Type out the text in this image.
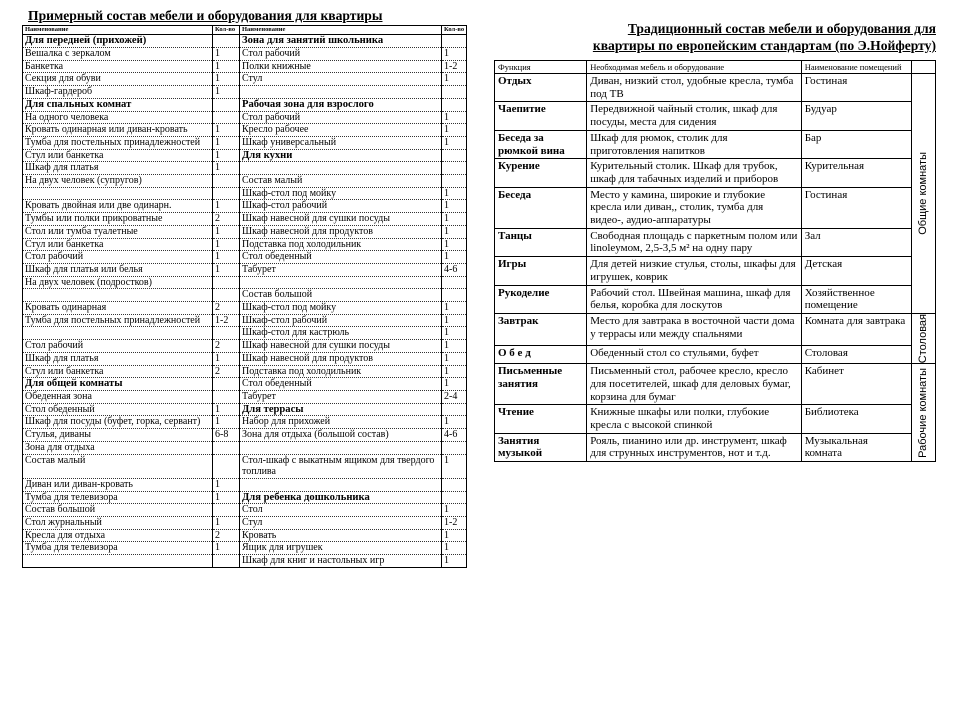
Примерный состав мебели и оборудования для квартиры
Наименование	Кол-во	Наименование	Кол-во
Для передней (прихожей)		Зона для занятий школьника	
Вешалка с зеркалом	1	Стол рабочий	1
Банкетка	1	Полки книжные	1-2
Секция для обуви	1	Стул	1
Шкаф-гардероб	1		
Для спальных комнат		Рабочая зона для взрослого	
На одного человека		Стол рабочий	1
Кровать одинарная или диван-кровать	1	Кресло рабочее	1
Тумба для постельных принадлежностей	1	Шкаф универсальный	1
Стул или банкетка	1	Для кухни	
Шкаф для платья	1		
На двух человек (супругов)		Состав малый	
		Шкаф-стол под мойку	1
Кровать двойная или две одинарн.	1	Шкаф-стол рабочий	1
Тумбы или полки прикроватные	2	Шкаф навесной для сушки посуды	1
Стол или тумба туалетные	1	Шкаф навесной для продуктов	1
Стул или банкетка	1	Подставка под холодильник	1
Стол рабочий	1	Стол обеденный	1
Шкаф для платья или белья	1	Табурет	4-6
На двух человек (подростков)			
		Состав большой	
Кровать одинарная	2	Шкаф-стол под мойку	1
Тумба для постельных принадлежностей	1-2	Шкаф-стол рабочий	1
		Шкаф-стол для кастрюль	1
Стол рабочий	2	Шкаф навесной для сушки посуды	1
Шкаф для платья	1	Шкаф навесной для продуктов	1
Стул или банкетка	2	Подставка под холодильник	1
Для общей комнаты		Стол обеденный	1
Обеденная зона		Табурет	2-4
Стол обеденный	1	Для террасы	
Шкаф для посуды (буфет, горка, сервант)	1	Набор для прихожей	1
Стулья, диваны	6-8	Зона для отдыха (большой состав)	4-6
Зона для отдыха			
Состав малый		Стол-шкаф с выкатным ящиком для твердого топлива	1
Диван или диван-кровать	1		
Тумба для телевизора	1	Для ребенка дошкольника	
Состав большой		Стол	1
Стол журнальный	1	Стул	1-2
Кресла для отдыха	2	Кровать	1
Тумба для телевизора	1	Ящик для игрушек	1
		Шкаф для книг и настольных игр	1
Традиционный состав мебели и оборудования для
квартиры по европейским стандартам (по Э.Нойферту)
Функция	Необходимая мебель и оборудование	Наименование помещений	
Отдых	Диван, низкий стол, удобные кресла, тумба под ТВ	Гостиная	Общие комнаты

Чаепитие	Передвижной чайный столик, шкаф для посуды, места для сидения	Будуар	
Беседа за рюмкой вина	Шкаф для рюмок, столик для приготовления напитков	Бар	
Курение	Курительный столик. Шкаф для трубок, шкаф для табачных изделий и приборов	Курительная	
Беседа	Место у камина, широкие и глубокие кресла или диван,, столик, тумба для видео-, аудио-аппаратуры	Гостиная	
Танцы	Свободная площадь с паркетным полом или linoleумом, 2,5-3,5 м² на одну пару	Зал	
Игры	Для детей низкие стулья, столы, шкафы для игрушек, коврик	Детская	
Рукоделие	Рабочий стол. Швейная машина, шкаф для белья, коробка для лоскутов	Хозяйственное помещение	
Завтрак	Место для завтрака в восточной части дома у террасы или между спальнями	Комната для завтрака	Столовая

О б е д	Обеденный стол со стульями, буфет	Столовая	
Письменные занятия	Письменный стол, рабочее кресло, кресло для посетителей, шкаф для деловых бумаг, корзина для бумаг	Кабинет	Рабочие комнаты

Чтение	Книжные шкафы или полки, глубокие кресла с высокой спинкой	Библиотека	
Занятия музыкой	Рояль, пианино или др. инструмент, шкаф для струнных инструментов, нот и т.д.	Музыкальная комната	
